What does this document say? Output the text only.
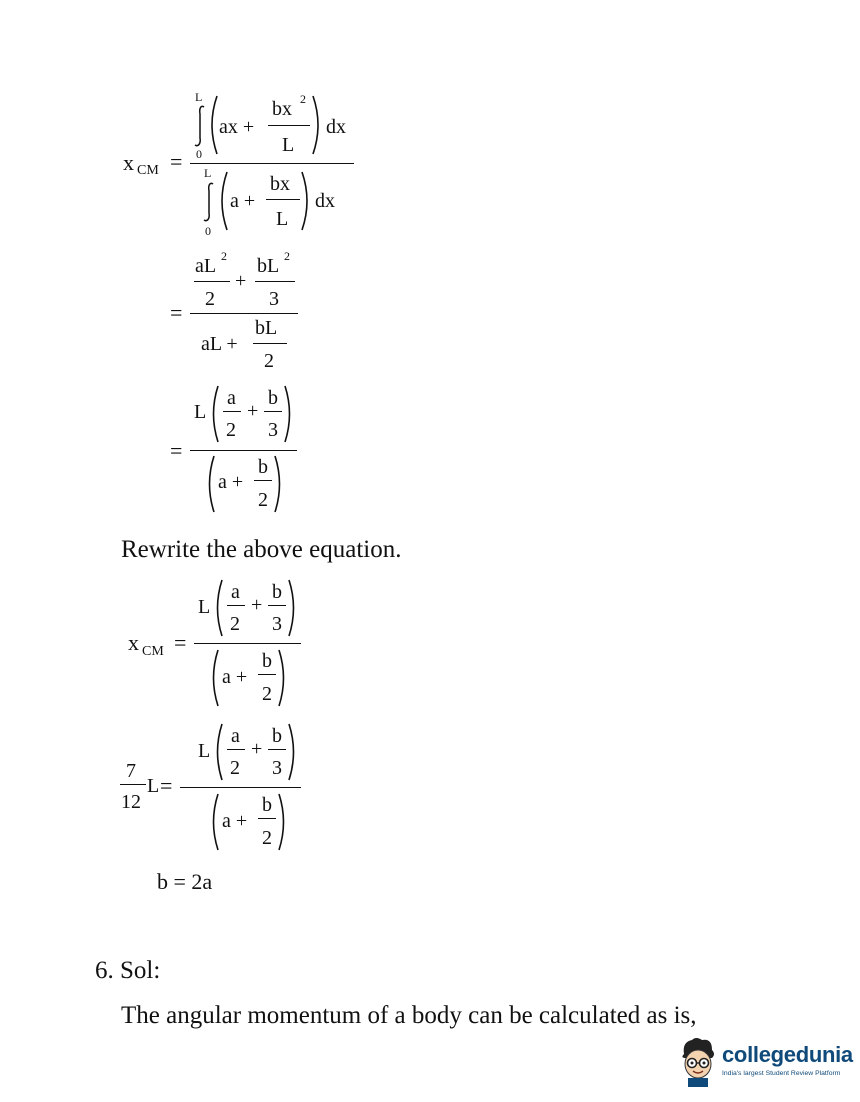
x CM =
L
0
ax +
bx 2
L
dx
L
0
a +
bx
L
dx
=
aL 2
2
+
bL 2
3
aL +
bL
2
=
L
a
2
+
b
3
a +
b
2
Rewrite the above equation.
x CM =
L
a
2
+
b
3
a +
b
2
7
12
L =
L
a
2
+
b
3
a +
b
2
b = 2a
6. Sol:
The angular momentum of a body can be calculated as is,
collegedunia
India's largest Student Review Platform
